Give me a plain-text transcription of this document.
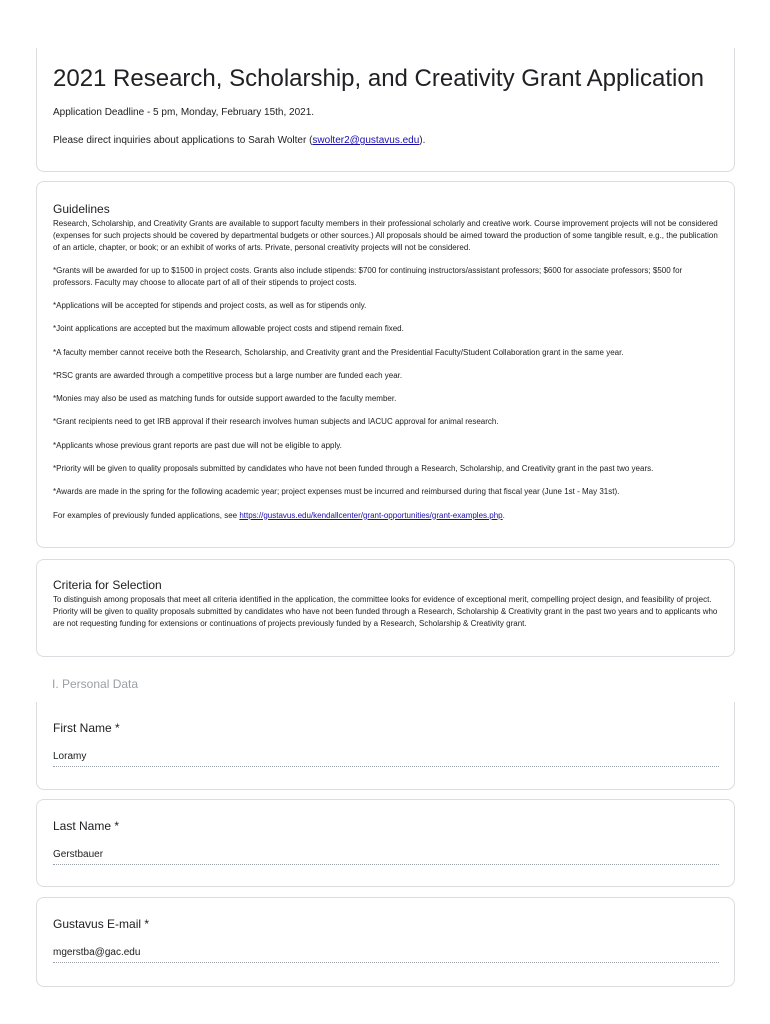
2021 Research, Scholarship, and Creativity Grant Application

Application Deadline - 5 pm, Monday, February 15th, 2021.

Please direct inquiries about applications to Sarah Wolter (swolter2@gustavus.edu).

Guidelines

Research, Scholarship, and Creativity Grants are available to support faculty members in their professional scholarly and creative work. Course improvement projects will not be considered (expenses for such projects should be covered by departmental budgets or other sources.) All proposals should be aimed toward the production of some tangible result, e.g., the publication of an article, chapter, or book; or an exhibit of works of arts. Private, personal creativity projects will not be considered.

*Grants will be awarded for up to $1500 in project costs. Grants also include stipends: $700 for continuing instructors/assistant professors; $600 for associate professors; $500 for professors. Faculty may choose to allocate part of all of their stipends to project costs.

*Applications will be accepted for stipends and project costs, as well as for stipends only.

*Joint applications are accepted but the maximum allowable project costs and stipend remain fixed.

*A faculty member cannot receive both the Research, Scholarship, and Creativity grant and the Presidential Faculty/Student Collaboration grant in the same year.

*RSC grants are awarded through a competitive process but a large number are funded each year.

*Monies may also be used as matching funds for outside support awarded to the faculty member.

*Grant recipients need to get IRB approval if their research involves human subjects and IACUC approval for animal research.

*Applicants whose previous grant reports are past due will not be eligible to apply.

*Priority will be given to quality proposals submitted by candidates who have not been funded through a Research, Scholarship, and Creativity grant in the past two years.

*Awards are made in the spring for the following academic year; project expenses must be incurred and reimbursed during that fiscal year (June 1st - May 31st).

For examples of previously funded applications, see https://gustavus.edu/kendallcenter/grant-opportunities/grant-examples.php.

Criteria for Selection

To distinguish among proposals that meet all criteria identified in the application, the committee looks for evidence of exceptional merit, compelling project design, and feasibility of project. Priority will be given to quality proposals submitted by candidates who have not been funded through a Research, Scholarship & Creativity grant in the past two years and to applicants who are not requesting funding for extensions or continuations of projects previously funded by a Research, Scholarship & Creativity grant.

I. Personal Data
First Name *
Loramy
Last Name *
Gerstbauer
Gustavus E-mail *
mgerstba@gac.edu
